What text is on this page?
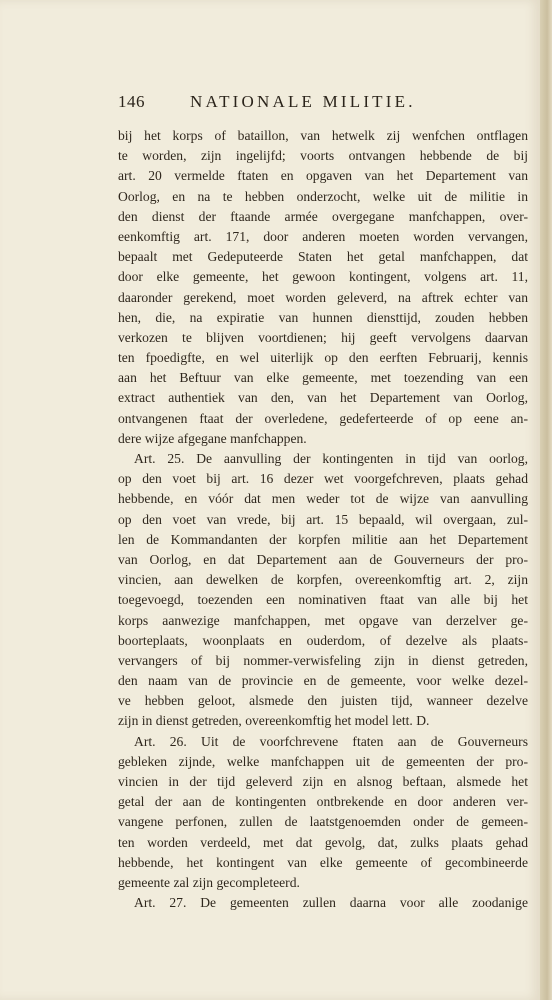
146	NATIONALE MILITIE.
bij het korps of bataillon, van hetwelk zij wenfchen ontflagen
te worden, zijn ingelijfd; voorts ontvangen hebbende de bij
art. 20 vermelde ftaten en opgaven van het Departement van
Oorlog, en na te hebben onderzocht, welke uit de militie in
den dienst der ftaande armée overgegane manfchappen, over-
eenkomftig art. 171, door anderen moeten worden vervangen,
bepaalt met Gedeputeerde Staten het getal manfchappen, dat
door elke gemeente, het gewoon kontingent, volgens art. 11,
daaronder gerekend, moet worden geleverd, na aftrek echter van
hen, die, na expiratie van hunnen diensttijd, zouden hebben
verkozen te blijven voortdienen; hij geeft vervolgens daarvan
ten fpoedigfte, en wel uiterlijk op den eerften Februarij, kennis
aan het Beftuur van elke gemeente, met toezending van een
extract authentiek van den, van het Departement van Oorlog,
ontvangenen ftaat der overledene, gedeferteerde of op eene an-
dere wijze afgegane manfchappen.
Art. 25. De aanvulling der kontingenten in tijd van oorlog,
op den voet bij art. 16 dezer wet voorgefchreven, plaats gehad
hebbende, en vóór dat men weder tot de wijze van aanvulling
op den voet van vrede, bij art. 15 bepaald, wil overgaan, zul-
len de Kommandanten der korpfen militie aan het Departement
van Oorlog, en dat Departement aan de Gouverneurs der pro-
vincien, aan dewelken de korpfen, overeenkomftig art. 2, zijn
toegevoegd, toezenden een nominativen ftaat van alle bij het
korps aanwezige manfchappen, met opgave van derzelver ge-
boorteplaats, woonplaats en ouderdom, of dezelve als plaats-
vervangers of bij nommer-verwisfeling zijn in dienst getreden,
den naam van de provincie en de gemeente, voor welke dezel-
ve hebben geloot, alsmede den juisten tijd, wanneer dezelve
zijn in dienst getreden, overeenkomftig het model lett. D.
Art. 26. Uit de voorfchrevene ftaten aan de Gouverneurs
gebleken zijnde, welke manfchappen uit de gemeenten der pro-
vincien in der tijd geleverd zijn en alsnog beftaan, alsmede het
getal der aan de kontingenten ontbrekende en door anderen ver-
vangene perfonen, zullen de laatstgenoemden onder de gemeen-
ten worden verdeeld, met dat gevolg, dat, zulks plaats gehad
hebbende, het kontingent van elke gemeente of gecombineerde
gemeente zal zijn gecompleteerd.
Art. 27. De gemeenten zullen daarna voor alle zoodanige
